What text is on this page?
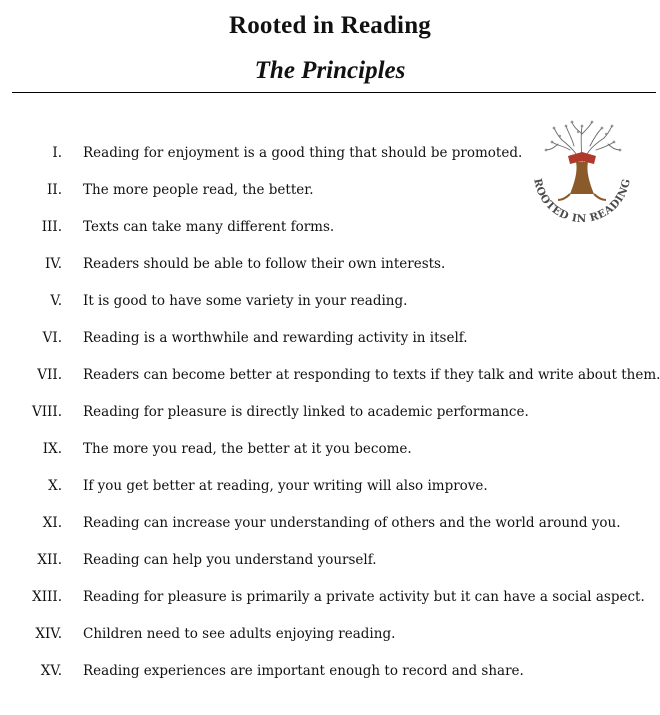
Rooted in Reading
The Principles
ROOTED IN READING
I. Reading for enjoyment is a good thing that should be promoted.
II. The more people read, the better.
III. Texts can take many different forms.
IV. Readers should be able to follow their own interests.
V. It is good to have some variety in your reading.
VI. Reading is a worthwhile and rewarding activity in itself.
VII. Readers can become better at responding to texts if they talk and write about them.
VIII. Reading for pleasure is directly linked to academic performance.
IX. The more you read, the better at it you become.
X. If you get better at reading, your writing will also improve.
XI. Reading can increase your understanding of others and the world around you.
XII. Reading can help you understand yourself.
XIII. Reading for pleasure is primarily a private activity but it can have a social aspect.
XIV. Children need to see adults enjoying reading.
XV. Reading experiences are important enough to record and share.
